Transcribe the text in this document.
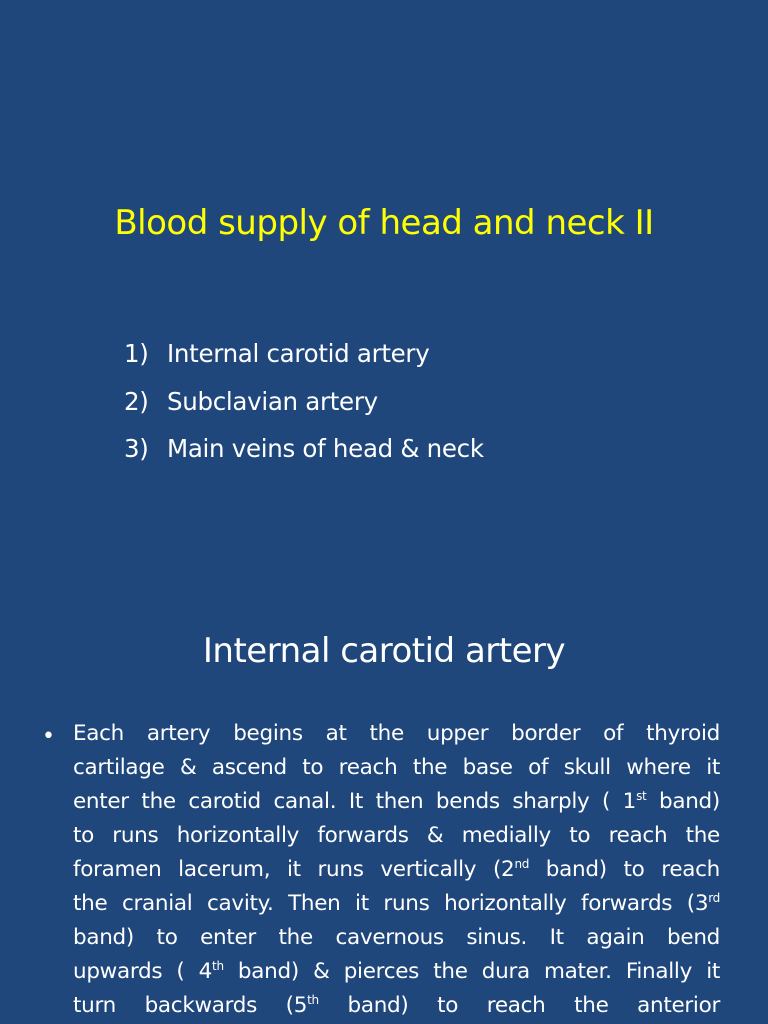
Blood supply of head and neck II
1) Internal carotid artery
2) Subclavian artery
3) Main veins of head & neck
Internal carotid artery
• Each artery begins at the upper border of thyroid
cartilage & ascend to reach the base of skull where it
enter the carotid canal. It then bends sharply ( 1st band)
to runs horizontally forwards & medially to reach the
foramen lacerum, it runs vertically (2nd band) to reach
the cranial cavity. Then it runs horizontally forwards (3rd
band) to enter the cavernous sinus. It again bend
upwards ( 4th band) & pierces the dura mater. Finally it
turn backwards (5th band) to reach the anterior
